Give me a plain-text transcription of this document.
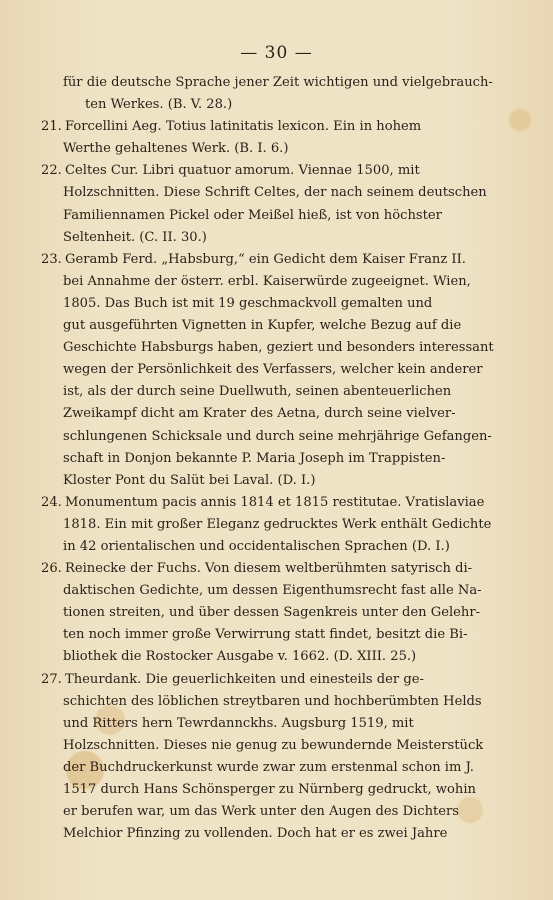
— 30 —
für die deutsche Sprache jener Zeit wichtigen und vielgebrauch-
ten Werkes. (B. V. 28.)
21. Forcellini Aeg. Totius latinitatis lexicon. Ein in hohem
Werthe gehaltenes Werk. (B. I. 6.)
22. Celtes Cur. Libri quatuor amorum. Viennae 1500, mit
Holzschnitten. Diese Schrift Celtes, der nach seinem deutschen
Familiennamen Pickel oder Meißel hieß, ist von höchster
Seltenheit. (C. II. 30.)
23. Geramb Ferd. „Habsburg,“ ein Gedicht dem Kaiser Franz II.
bei Annahme der österr. erbl. Kaiserwürde zugeeignet. Wien,
1805. Das Buch ist mit 19 geschmackvoll gemalten und
gut ausgeführten Vignetten in Kupfer, welche Bezug auf die
Geschichte Habsburgs haben, geziert und besonders interessant
wegen der Persönlichkeit des Verfassers, welcher kein anderer
ist, als der durch seine Duellwuth, seinen abenteuerlichen
Zweikampf dicht am Krater des Aetna, durch seine vielver-
schlungenen Schicksale und durch seine mehrjährige Gefangen-
schaft in Donjon bekannte P. Maria Joseph im Trappisten-
Kloster Pont du Salüt bei Laval. (D. I.)
24. Monumentum pacis annis 1814 et 1815 restitutae. Vratislaviae
1818. Ein mit großer Eleganz gedrucktes Werk enthält Gedichte
in 42 orientalischen und occidentalischen Sprachen (D. I.)
26. Reinecke der Fuchs. Von diesem weltberühmten satyrisch di-
daktischen Gedichte, um dessen Eigenthumsrecht fast alle Na-
tionen streiten, und über dessen Sagenkreis unter den Gelehr-
ten noch immer große Verwirrung statt findet, besitzt die Bi-
bliothek die Rostocker Ausgabe v. 1662. (D. XIII. 25.)
27. Theurdank. Die geuerlichkeiten und einesteils der ge-
schichten des löblichen streytbaren und hochberümbten Helds
und Ritters hern Tewrdannckhs. Augsburg 1519, mit
Holzschnitten. Dieses nie genug zu bewundernde Meisterstück
der Buchdruckerkunst wurde zwar zum erstenmal schon im J.
1517 durch Hans Schönsperger zu Nürnberg gedruckt, wohin
er berufen war, um das Werk unter den Augen des Dichters
Melchior Pfinzing zu vollenden. Doch hat er es zwei Jahre
